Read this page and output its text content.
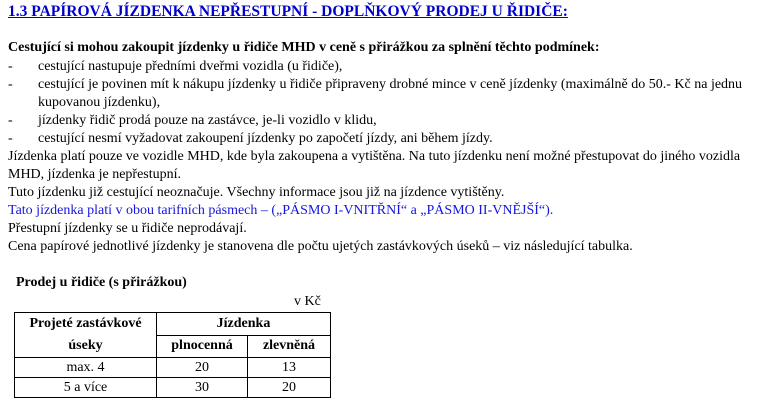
1.3 PAPÍROVÁ JÍZDENKA NEPŘESTUPNÍ - DOPLŇKOVÝ PRODEJ U ŘIDIČE:
Cestující si mohou zakoupit jízdenky u řidiče MHD v ceně s přirážkou za splnění těchto podmínek:
-	cestující nastupuje předními dveřmi vozidla (u řidiče),
-	cestující je povinen mít k nákupu jízdenky u řidiče připraveny drobné mince v ceně jízdenky (maximálně do 50.- Kč na jednu kupovanou jízdenku),
-	jízdenky řidič prodá pouze na zastávce, je-li vozidlo v klidu,
-	cestující nesmí vyžadovat zakoupení jízdenky po započetí jízdy, ani během jízdy.

Jízdenka platí pouze ve vozidle MHD, kde byla zakoupena a vytištěna. Na tuto jízdenku není možné přestupovat do jiného vozidla MHD, jízdenka je nepřestupní.

Tuto jízdenku již cestující neoznačuje. Všechny informace jsou již na jízdence vytištěny.

Tato jízdenka platí v obou tarifních pásmech – („PÁSMO I-VNITŘNÍ“ a „PÁSMO II-VNĚJŠÍ“).

Přestupní jízdenky se u řidiče neprodávají.

Cena papírové jednotlivé jízdenky je stanovena dle počtu ujetých zastávkových úseků – viz následující tabulka.

Prodej u řidiče (s přirážkou)
v Kč
Projeté zastávkové úseky	Jízdenka	
	plnocenná	zlevněná
max. 4	20	13
5 a více	30	20
